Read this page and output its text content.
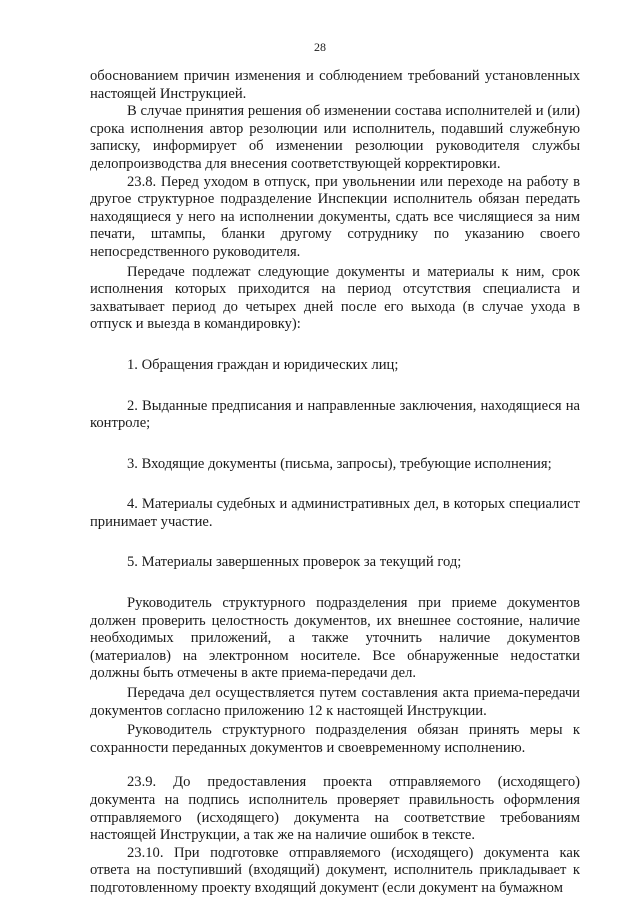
28

обоснованием причин изменения и соблюдением требований установленных настоящей Инструкцией.

В случае принятия решения об изменении состава исполнителей и (или) срока исполнения автор резолюции или исполнитель, подавший служебную записку, информирует об изменении резолюции руководителя службы делопроизводства для внесения соответствующей корректировки.

23.8. Перед уходом в отпуск, при увольнении или переходе на работу в другое структурное подразделение Инспекции исполнитель обязан передать находящиеся у него на исполнении документы, сдать все числящиеся за ним печати, штампы, бланки другому сотруднику по указанию своего непосредственного руководителя.

Передаче подлежат следующие документы и материалы к ним, срок исполнения которых приходится на период отсутствия специалиста и захватывает период до четырех дней после его выхода (в случае ухода в отпуск и выезда в командировку):

1. Обращения граждан и юридических лиц;

2. Выданные предписания и направленные заключения, находящиеся на контроле;

3. Входящие документы (письма, запросы), требующие исполнения;

4. Материалы судебных и административных дел, в которых специалист принимает участие.

5. Материалы завершенных проверок за текущий год;

Руководитель структурного подразделения при приеме документов должен проверить целостность документов, их внешнее состояние, наличие необходимых приложений, а также уточнить наличие документов (материалов) на электронном носителе. Все обнаруженные недостатки должны быть отмечены в акте приема-передачи дел.

Передача дел осуществляется путем составления акта приема-передачи документов согласно приложению 12 к настоящей Инструкции.

Руководитель структурного подразделения обязан принять меры к сохранности переданных документов и своевременному исполнению.

23.9. До предоставления проекта отправляемого (исходящего) документа на подпись исполнитель проверяет правильность оформления отправляемого (исходящего) документа на соответствие требованиям настоящей Инструкции, а так же на наличие ошибок в тексте.

23.10. При подготовке отправляемого (исходящего) документа как ответа на поступивший (входящий) документ, исполнитель прикладывает к подготовленному проекту входящий документ (если документ на бумажном
